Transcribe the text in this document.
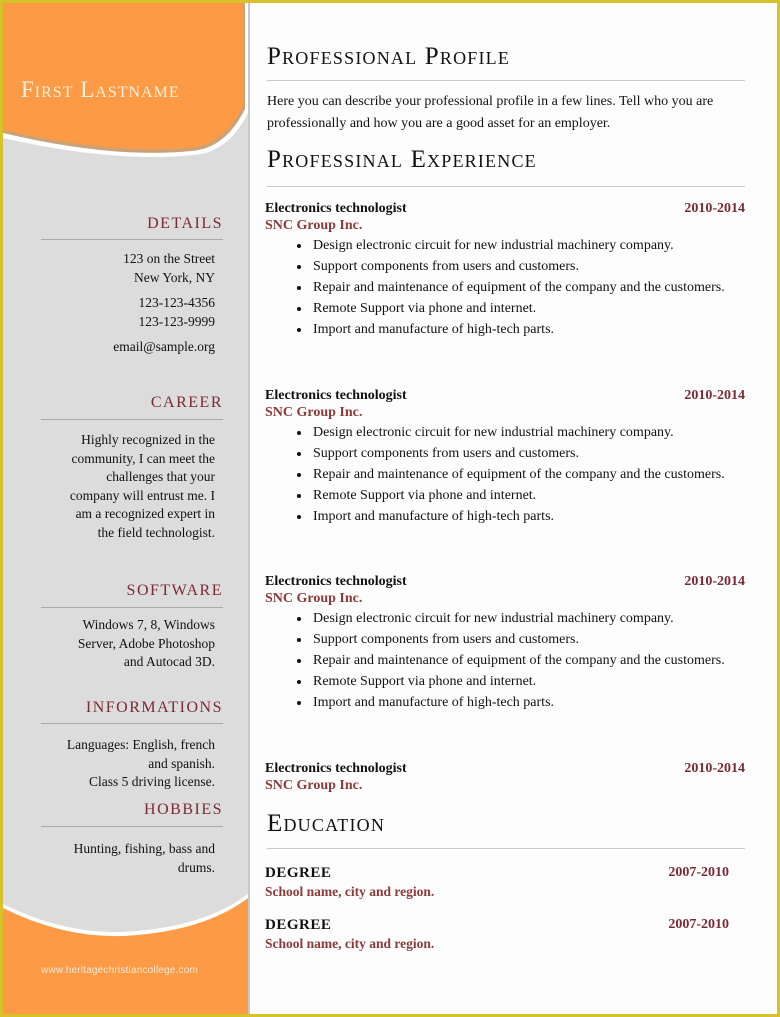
First Lastname
DETAILS
123 on the Street
New York, NY
123-123-4356
123-123-9999
email@sample.org
CAREER
Highly recognized in the
community, I can meet the
challenges that your
company will entrust me. I
am a recognized expert in
the field technologist.
SOFTWARE
Windows 7, 8, Windows
Server, Adobe Photoshop
and Autocad 3D.
INFORMATIONS
Languages: English, french
and spanish.
Class 5 driving license.
HOBBIES
Hunting, fishing, bass and
drums.
www.heritagechristiancollege.com
Professional Profile
Here you can describe your professional profile in a few lines. Tell who you are professionally and how you are a good asset for an employer.
Professinal Experience
Electronics technologist	2010-2014
SNC Group Inc.
• Design electronic circuit for new industrial machinery company.
• Support components from users and customers.
• Repair and maintenance of equipment of the company and the customers.
• Remote Support via phone and internet.
• Import and manufacture of high-tech parts.
Electronics technologist	2010-2014
SNC Group Inc.
• Design electronic circuit for new industrial machinery company.
• Support components from users and customers.
• Repair and maintenance of equipment of the company and the customers.
• Remote Support via phone and internet.
• Import and manufacture of high-tech parts.
Electronics technologist	2010-2014
SNC Group Inc.
• Design electronic circuit for new industrial machinery company.
• Support components from users and customers.
• Repair and maintenance of equipment of the company and the customers.
• Remote Support via phone and internet.
• Import and manufacture of high-tech parts.
Electronics technologist	2010-2014
SNC Group Inc.
Education
DEGREE	2007-2010
School name, city and region.
DEGREE	2007-2010
School name, city and region.
